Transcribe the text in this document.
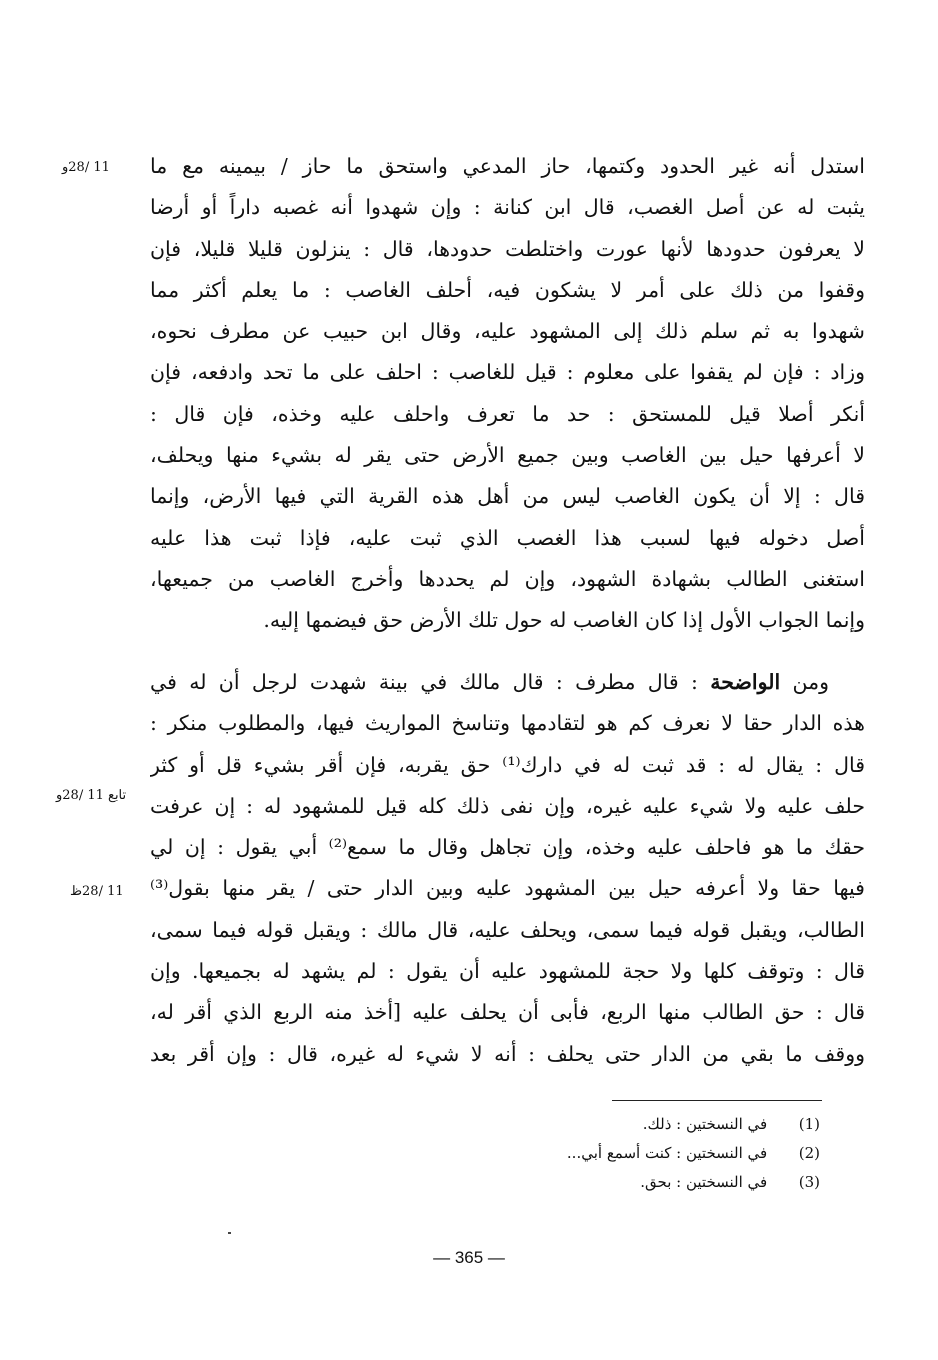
11 /28و
تابع 11 /28و
11 /28ظ
استدل أنه غير الحدود وكتمها، حاز المدعي واستحق ما حاز / بيمينه مع ما
يثبت له عن أصل الغصب، قال ابن كنانة : وإن شهدوا أنه غصبه داراً أو أرضا
لا يعرفون حدودها لأنها عورت واختلطت حدودها، قال : ينزلون قليلا قليلا، فإن
وقفوا من ذلك على أمر لا يشكون فيه، أحلف الغاصب : ما يعلم أكثر مما
شهدوا به ثم سلم ذلك إلى المشهود عليه، وقال ابن حبيب عن مطرف نحوه،
وزاد : فإن لم يقفوا على معلوم : قيل للغاصب : احلف على ما تحد وادفعه، فإن
أنكر أصلا قيل للمستحق : حد ما تعرف واحلف عليه وخذه، فإن قال :
لا أعرفها حيل بين الغاصب وبين جميع الأرض حتى يقر له بشيء منها ويحلف،
قال : إلا أن يكون الغاصب ليس من أهل هذه القرية التي فيها الأرض، وإنما
أصل دخوله فيها لسبب هذا الغصب الذي ثبت عليه، فإذا ثبت هذا عليه
استغنى الطالب بشهادة الشهود، وإن لم يحددها وأخرج الغاصب من جميعها،
وإنما الجواب الأول إذا كان الغاصب له حول تلك الأرض حق فيضمها إليه.
ومن الواضحة : قال مطرف : قال مالك في بينة شهدت لرجل أن له في
هذه الدار حقا لا نعرف كم هو لتقادمها وتناسخ المواريث فيها، والمطلوب منكر :
قال : يقال له : قد ثبت له في دارك⁽¹⁾ حق يقربه، فإن أقر بشيء قل أو كثر
حلف عليه ولا شيء عليه غيره، وإن نفى ذلك كله قيل للمشهود له : إن عرفت
حقك ما هو فاحلف عليه وخذه، وإن تجاهل وقال ما سمع⁽²⁾ أبي يقول : إن لي
فيها حقا ولا أعرفه حيل بين المشهود عليه وبين الدار حتى / يقر منها بقول⁽³⁾
الطالب، ويقبل قوله فيما سمى، ويحلف عليه، قال مالك : ويقبل قوله فيما سمى،
قال : وتوقف كلها ولا حجة للمشهود عليه أن يقول : لم يشهد له بجميعها. وإن
قال : حق الطالب منها الربع، فأبى أن يحلف عليه [أخذ منه الربع الذي أقر له،
ووقف ما بقي من الدار حتى يحلف : أنه لا شيء له غيره، قال : وإن أقر بعد
(1) في النسختين : ذلك.
(2) في النسختين : كنت أسمع أبي...
(3) في النسختين : بحق.
— 365 —
